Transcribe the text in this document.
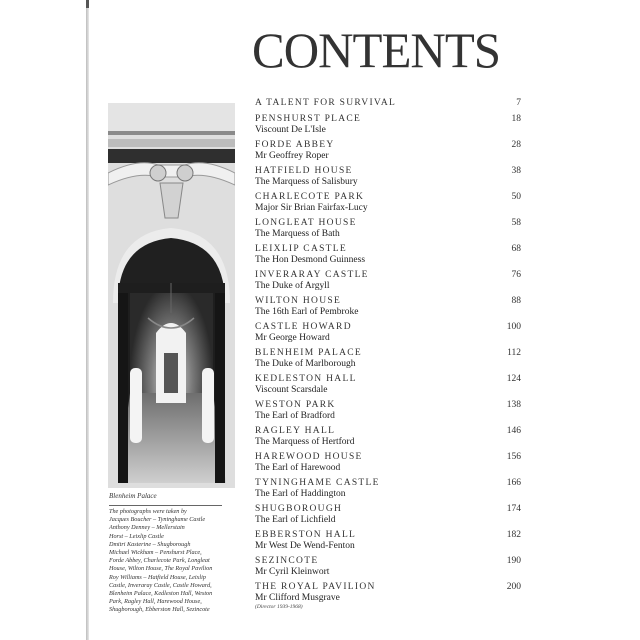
CONTENTS
Blenheim Palace
The photographs were taken by
Jacques Boucher – Tyninghame Castle
Anthony Denney – Mellerstain
Horst – Leixlip Castle
Dmitri Kasterine – Shugborough
Michael Wickham – Penshurst Place,
Forde Abbey, Charlecote Park, Longleat
House, Wilton House, The Royal Pavilion
Roy Williams – Hatfield House, Leixlip
Castle, Inveraray Castle, Castle Howard,
Blenheim Palace, Kedleston Hall, Weston
Park, Ragley Hall, Harewood House,
Shugborough, Ebberston Hall, Sezincote
A TALENT FOR SURVIVAL	7
PENSHURST PLACE
Viscount De L'Isle
18
FORDE ABBEY
Mr Geoffrey Roper
28
HATFIELD HOUSE
The Marquess of Salisbury
38
CHARLECOTE PARK
Major Sir Brian Fairfax-Lucy
50
LONGLEAT HOUSE
The Marquess of Bath
58
LEIXLIP CASTLE
The Hon Desmond Guinness
68
INVERARAY CASTLE
The Duke of Argyll
76
WILTON HOUSE
The 16th Earl of Pembroke
88
CASTLE HOWARD
Mr George Howard
100
BLENHEIM PALACE
The Duke of Marlborough
112
KEDLESTON HALL
Viscount Scarsdale
124
WESTON PARK
The Earl of Bradford
138
RAGLEY HALL
The Marquess of Hertford
146
HAREWOOD HOUSE
The Earl of Harewood
156
TYNINGHAME CASTLE
The Earl of Haddington
166
SHUGBOROUGH
The Earl of Lichfield
174
EBBERSTON HALL
Mr West De Wend-Fenton
182
SEZINCOTE
Mr Cyril Kleinwort
190
THE ROYAL PAVILION
Mr Clifford Musgrave
(Director 1939-1968)
200
